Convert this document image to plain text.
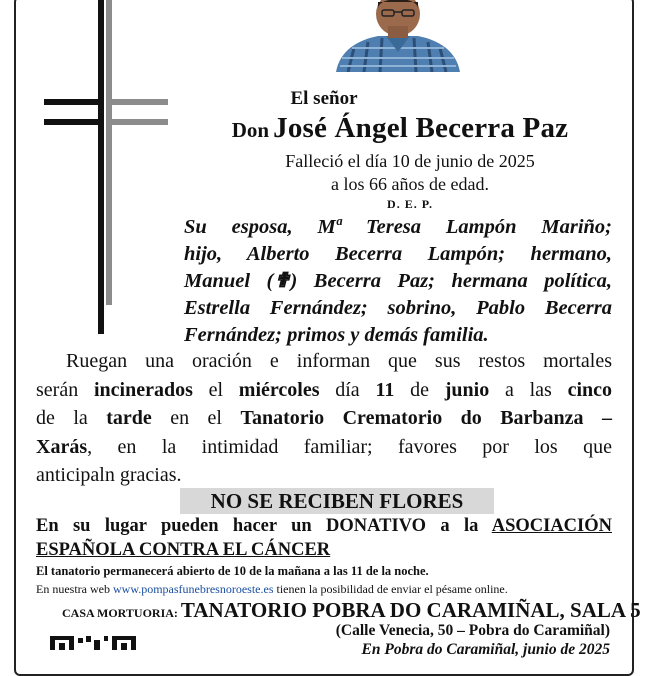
El señor

Don José Ángel Becerra Paz

Falleció el día 10 de junio de 2025

a los 66 años de edad.

D. E. P.

Su esposa, Mª Teresa Lampón Mariño;
hijo, Alberto Becerra Lampón; hermano,
Manuel (✟) Becerra Paz; hermana política,
Estrella Fernández; sobrino, Pablo Becerra
Fernández; primos y demás familia.
Ruegan una oración e informan que sus restos mortales
serán incinerados el miércoles día 11 de junio a las cinco
de la tarde en el Tanatorio Crematorio do Barbanza –
Xarás, en la intimidad familiar; favores por los que
anticipaln gracias.
NO SE RECIBEN FLORES
En su lugar pueden hacer un DONATIVO a la ASOCIACIÓN
ESPAÑOLA CONTRA EL CÁNCER

El tanatorio permanecerá abierto de 10 de la mañana a las 11 de la noche.

En nuestra web www.pompasfunebresnoroeste.es tienen la posibilidad de enviar el pésame online.

CASA MORTUORIA: TANATORIO POBRA DO CARAMIÑAL, SALA 5

(Calle Venecia, 50 – Pobra do Caramiñal)

En Pobra do Caramiñal, junio de 2025
